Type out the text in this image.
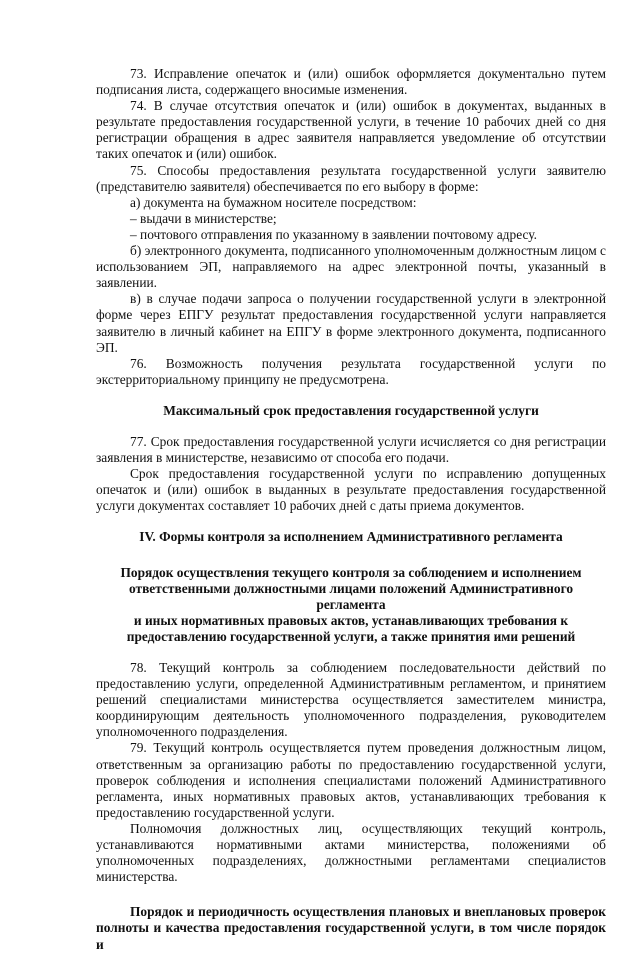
73. Исправление опечаток и (или) ошибок оформляется документально путем подписания листа, содержащего вносимые изменения.

74. В случае отсутствия опечаток и (или) ошибок в документах, выданных в результате предоставления государственной услуги, в течение 10 рабочих дней со дня регистрации обращения в адрес заявителя направляется уведомление об отсутствии таких опечаток и (или) ошибок.

75. Способы предоставления результата государственной услуги заявителю (представителю заявителя) обеспечивается по его выбору в форме:

а) документа на бумажном носителе посредством:

– выдачи в министерстве;

– почтового отправления по указанному в заявлении почтовому адресу.

б) электронного документа, подписанного уполномоченным должностным лицом с использованием ЭП, направляемого на адрес электронной почты, указанный в заявлении.

в) в случае подачи запроса о получении государственной услуги в электронной форме через ЕПГУ результат предоставления государственной услуги направляется заявителю в личный кабинет на ЕПГУ в форме электронного документа, подписанного ЭП.

76. Возможность получения результата государственной услуги по экстерриториальному принципу не предусмотрена.

Максимальный срок предоставления государственной услуги

77. Срок предоставления государственной услуги исчисляется со дня регистрации заявления в министерстве, независимо от способа его подачи.

Срок предоставления государственной услуги по исправлению допущенных опечаток и (или) ошибок в выданных в результате предоставления государственной услуги документах составляет 10 рабочих дней с даты приема документов.

IV. Формы контроля за исполнением Административного регламента

Порядок осуществления текущего контроля за соблюдением и исполнением

ответственными должностными лицами положений Административного регламента

и иных нормативных правовых актов, устанавливающих требования к

предоставлению государственной услуги, а также принятия ими решений

78. Текущий контроль за соблюдением последовательности действий по предоставлению услуги, определенной Административным регламентом, и принятием решений специалистами министерства осуществляется заместителем министра, координирующим деятельность уполномоченного подразделения, руководителем уполномоченного подразделения.

79. Текущий контроль осуществляется путем проведения должностным лицом, ответственным за организацию работы по предоставлению государственной услуги, проверок соблюдения и исполнения специалистами положений Административного регламента, иных нормативных правовых актов, устанавливающих требования к предоставлению государственной услуги.

Полномочия должностных лиц, осуществляющих текущий контроль, устанавливаются нормативными актами министерства, положениями об уполномоченных подразделениях, должностными регламентами специалистов министерства.

Порядок и периодичность осуществления плановых и внеплановых проверок полноты и качества предоставления государственной услуги, в том числе порядок и
